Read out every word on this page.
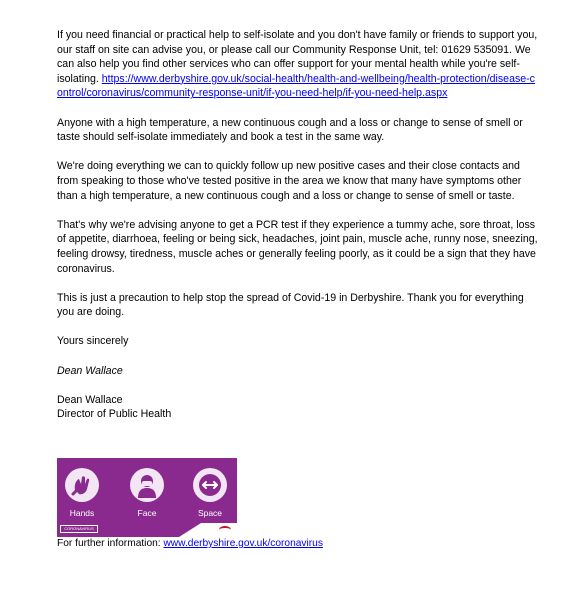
If you need financial or practical help to self-isolate and you don't have family or friends to support you, our staff on site can advise you, or please call our Community Response Unit, tel: 01629 535091. We can also help you find other services who can offer support for your mental health while you're self-isolating. https://www.derbyshire.gov.uk/social-health/health-and-wellbeing/health-protection/disease-control/coronavirus/community-response-unit/if-you-need-help/if-you-need-help.aspx

Anyone with a high temperature, a new continuous cough and a loss or change to sense of smell or taste should self-isolate immediately and book a test in the same way.

We're doing everything we can to quickly follow up new positive cases and their close contacts and from speaking to those who've tested positive in the area we know that many have symptoms other than a high temperature, a new continuous cough and a loss or change to sense of smell or taste.

That's why we're advising anyone to get a PCR test if they experience a tummy ache, sore throat, loss of appetite, diarrhoea, feeling or being sick, headaches, joint pain, muscle ache, runny nose, sneezing, feeling drowsy, tiredness, muscle aches or generally feeling poorly, as it could be a sign that they have coronavirus.

This is just a precaution to help stop the spread of Covid-19 in Derbyshire. Thank you for everything you are doing.

Yours sincerely

Dean Wallace

Dean Wallace
Director of Public Health
Hands	Face	Space
CORONAVIRUS
For further information: www.derbyshire.gov.uk/coronavirus
